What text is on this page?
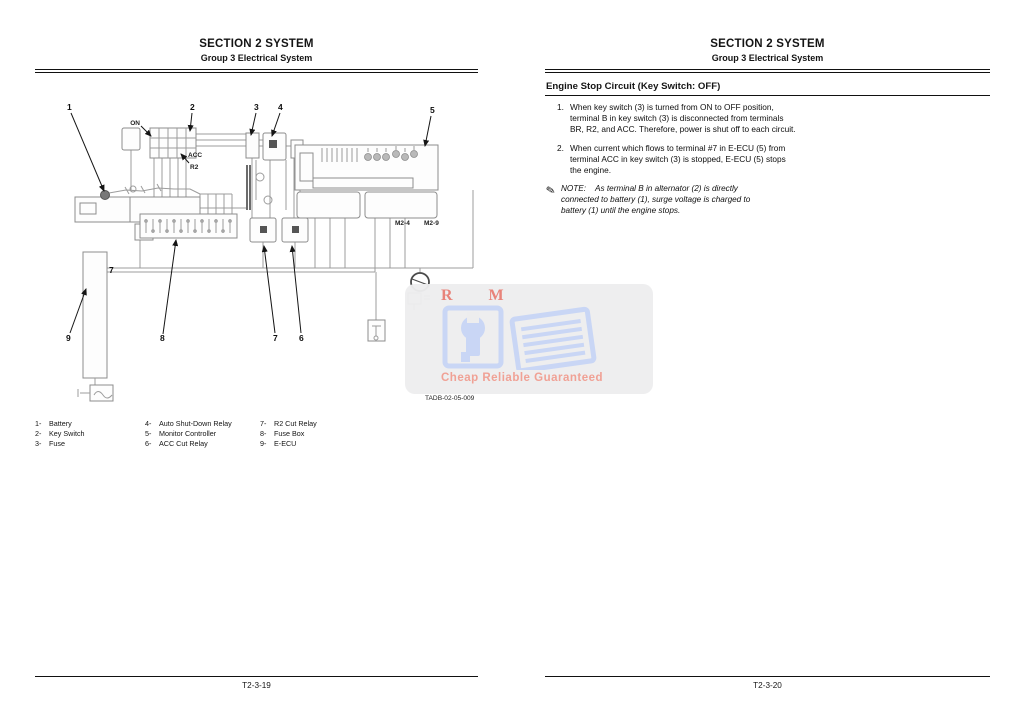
SECTION 2 SYSTEM
Group 3 Electrical System
ON
ACC
R2
M2-4 M2-9
7
1	2	3 4	5
6
7
8
9
R M
Cheap Reliable Guaranteed
TADB-02-05-009
1-	Battery
2-	Key Switch
3-	Fuse
4-	Auto Shut-Down Relay
5-	Monitor Controller
6-	ACC Cut Relay
7-	R2 Cut Relay
8-	Fuse Box
9-	E-ECU
T2-3-19
SECTION 2 SYSTEM
Group 3 Electrical System
Engine Stop Circuit (Key Switch: OFF)
1. When key switch (3) is turned from ON to OFF position, terminal B in key switch (3) is disconnected from terminals BR, R2, and ACC. Therefore, power is shut off to each circuit.
2. When current which flows to terminal #7 in E-ECU (5) from terminal ACC in key switch (3) is stopped, E-ECU (5) stops the engine.
✎ NOTE: As terminal B in alternator (2) is directly connected to battery (1), surge voltage is charged to battery (1) until the engine stops.
T2-3-20
